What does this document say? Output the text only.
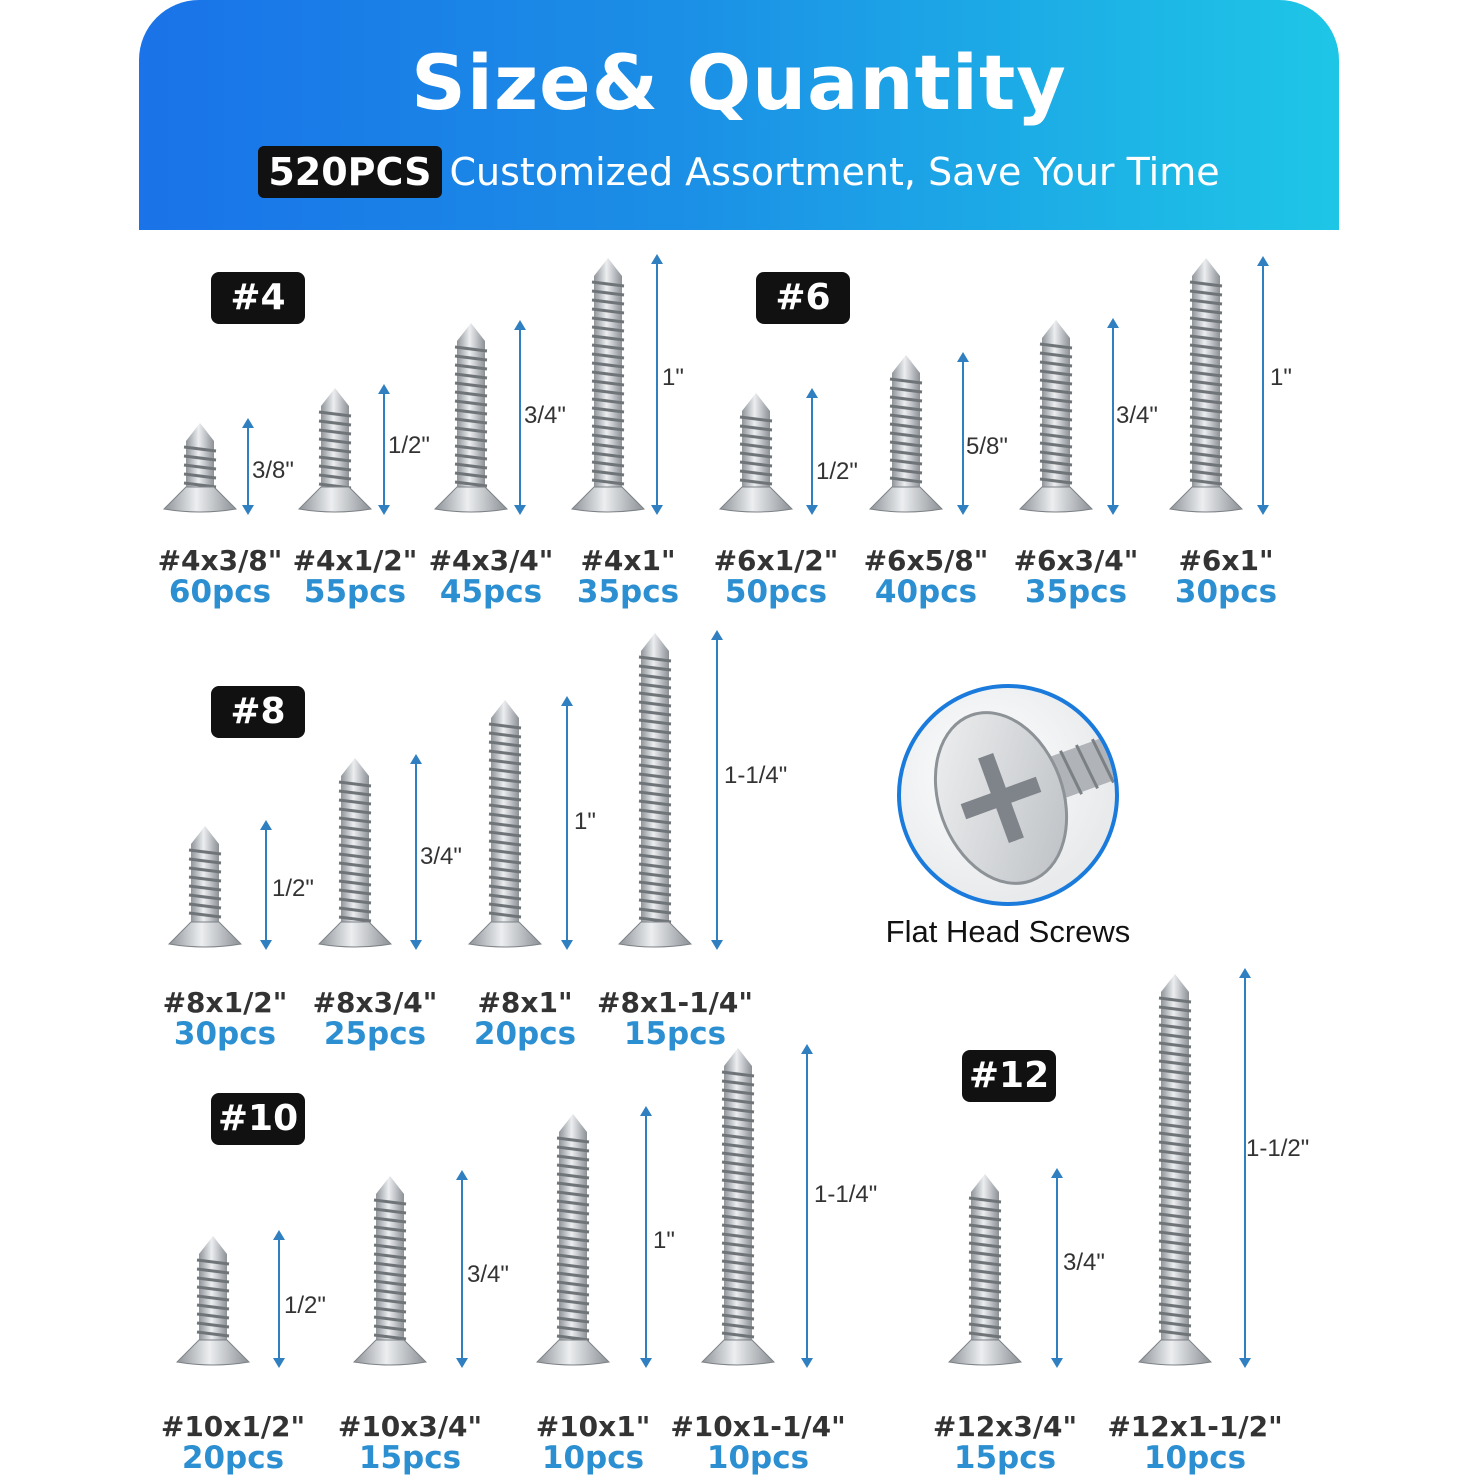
Size& Quantity
520PCS Customized Assortment, Save Your Time
#4	#6
#8
#10
#12
3/8"
#4x3/8"
60pcs
1/2"
#4x1/2"
55pcs
3/4"
#4x3/4"
45pcs
1"
#4x1"
35pcs
1/2"
#6x1/2"
50pcs
5/8"
#6x5/8"
40pcs
3/4"
#6x3/4"
35pcs
1"
#6x1"
30pcs
1/2"
#8x1/2"
30pcs
3/4"
#8x3/4"
25pcs
1"
#8x1"
20pcs
1-1/4"
#8x1-1/4"
15pcs
1/2"
#10x1/2"
20pcs
3/4"
#10x3/4"
15pcs
1"
#10x1"
10pcs
1-1/4"
#10x1-1/4"
10pcs
3/4"
#12x3/4"
15pcs
1-1/2"
#12x1-1/2"
10pcs
Flat Head Screws
